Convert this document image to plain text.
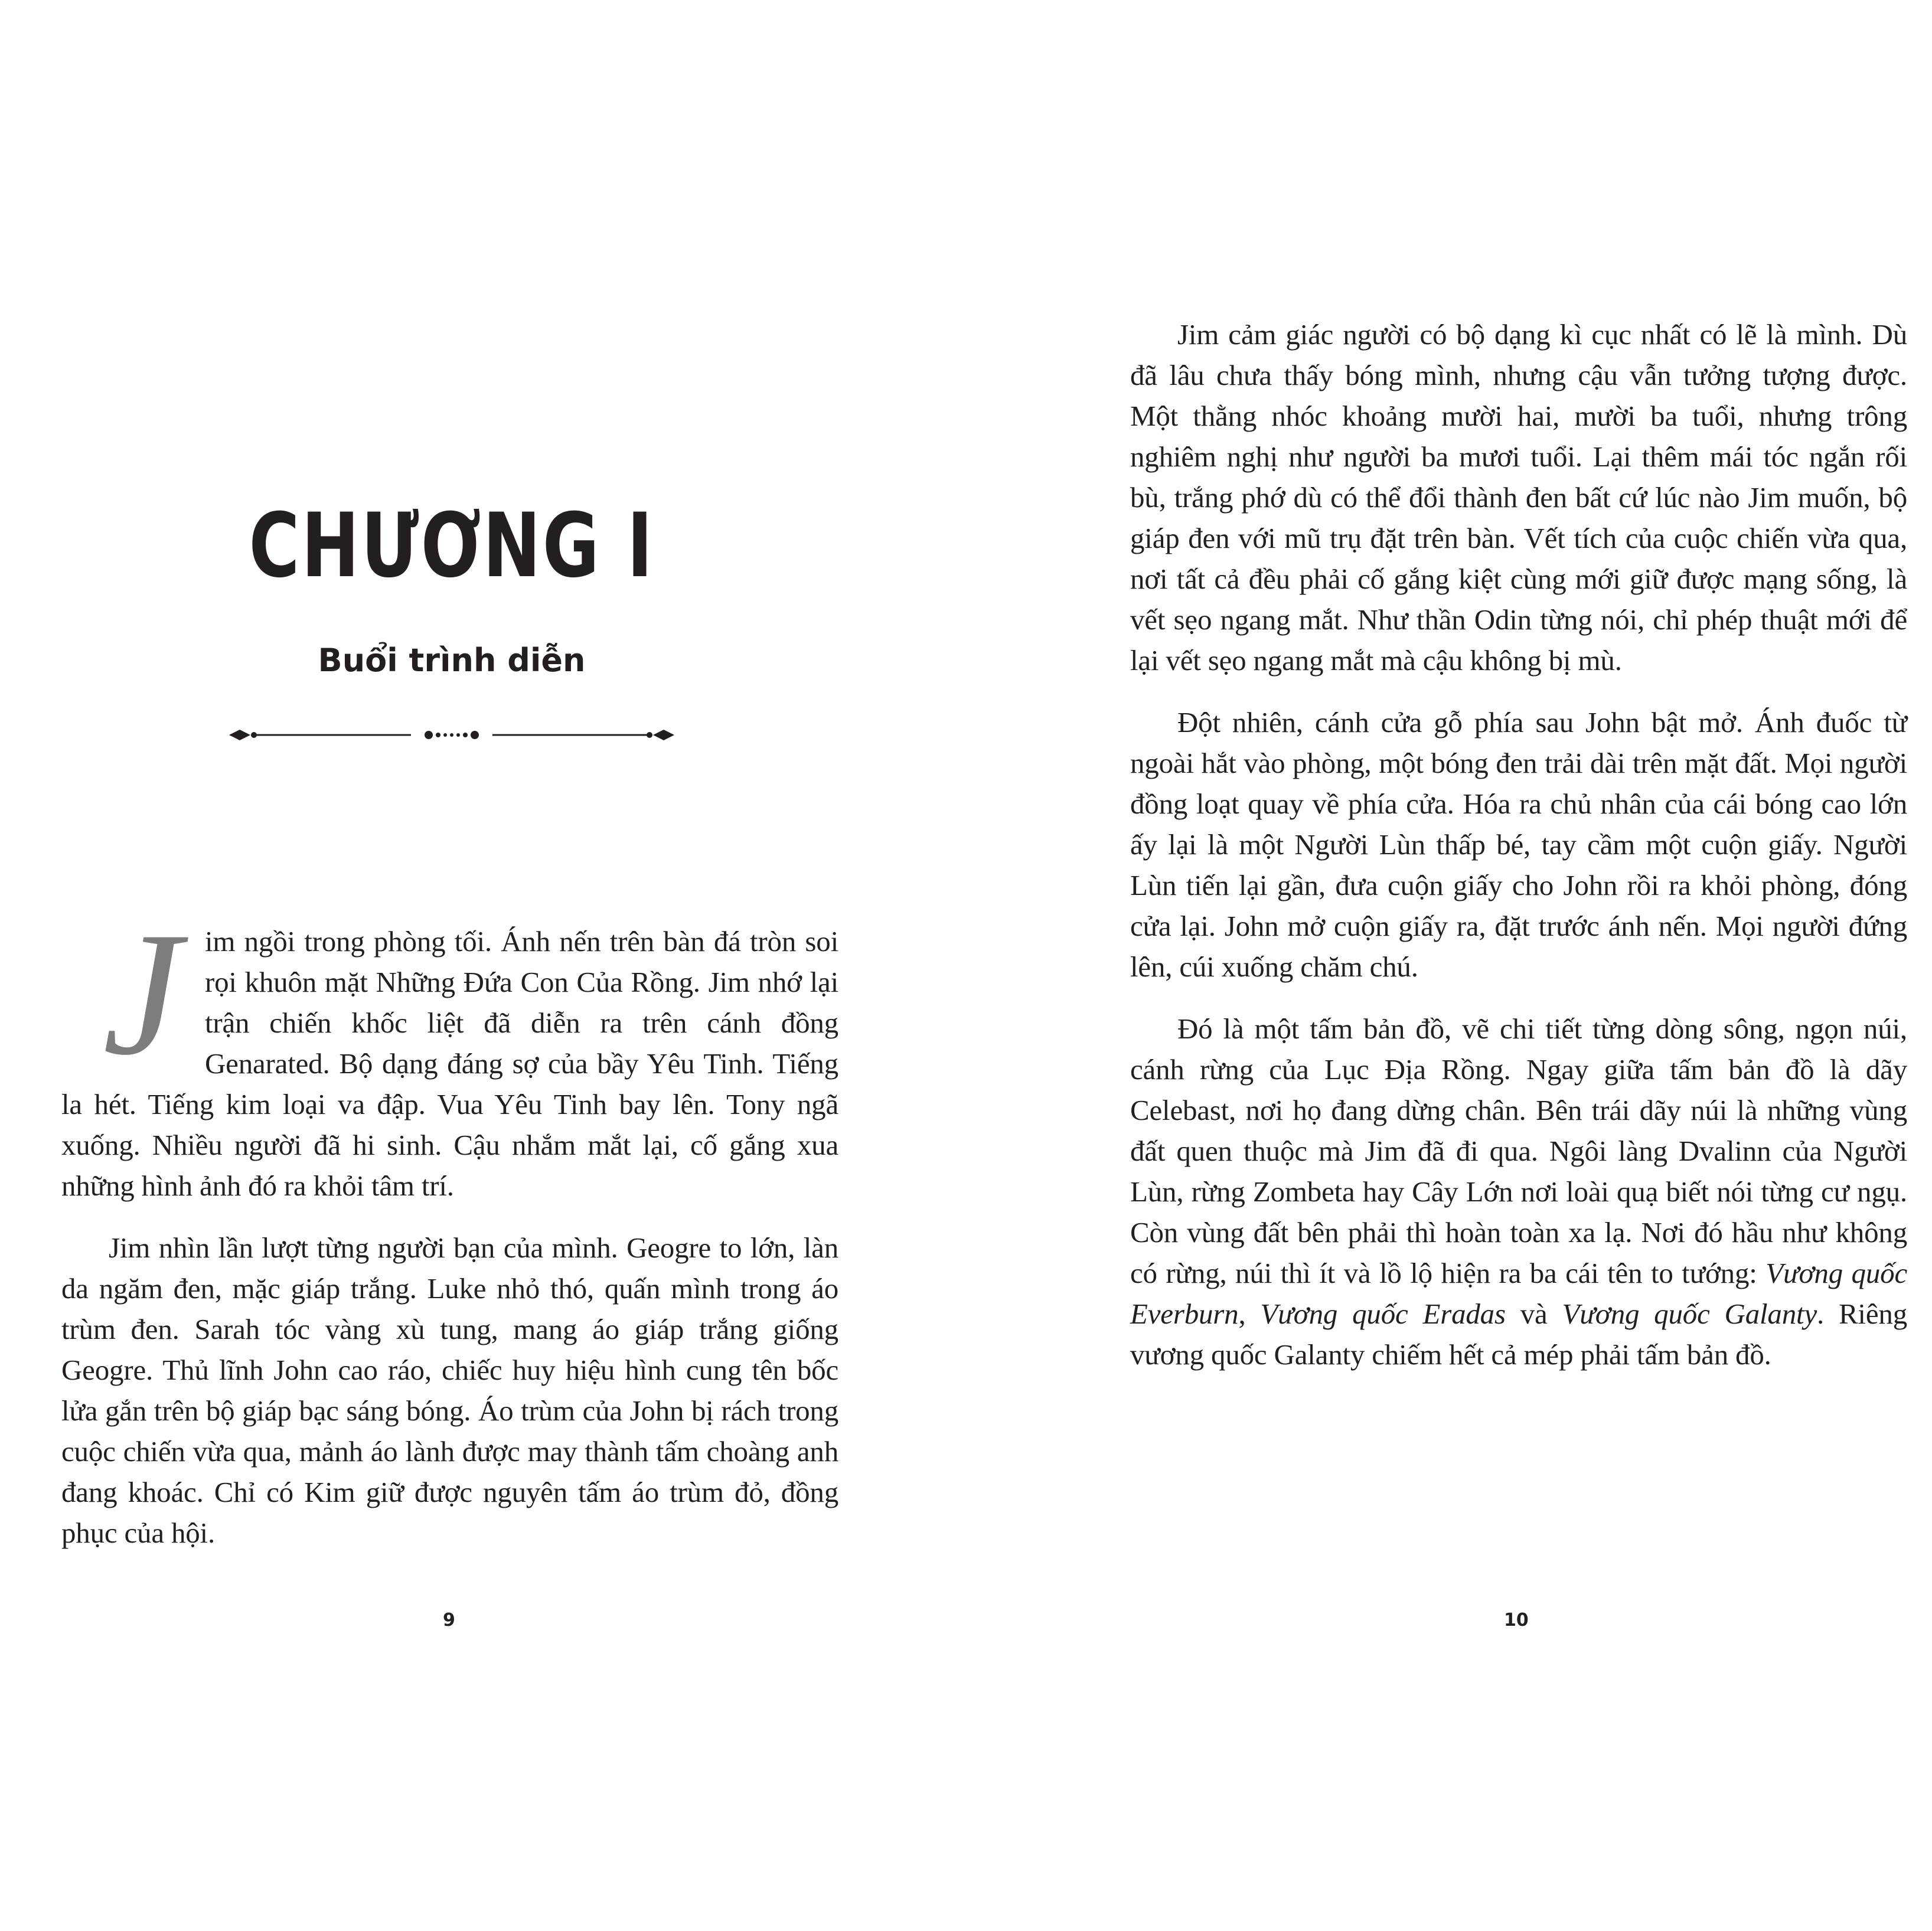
CHƯƠNG I
Buổi trình diễn

Jim ngồi trong phòng tối. Ánh nến trên bàn đá tròn soi rọi khuôn mặt Những Đứa Con Của Rồng. Jim nhớ lại trận chiến khốc liệt đã diễn ra trên cánh đồng Genarated. Bộ dạng đáng sợ của bầy Yêu Tinh. Tiếng la hét. Tiếng kim loại va đập. Vua Yêu Tinh bay lên. Tony ngã xuống. Nhiều người đã hi sinh. Cậu nhắm mắt lại, cố gắng xua những hình ảnh đó ra khỏi tâm trí.

Jim nhìn lần lượt từng người bạn của mình. Geogre to lớn, làn da ngăm đen, mặc giáp trắng. Luke nhỏ thó, quấn mình trong áo trùm đen. Sarah tóc vàng xù tung, mang áo giáp trắng giống Geogre. Thủ lĩnh John cao ráo, chiếc huy hiệu hình cung tên bốc lửa gắn trên bộ giáp bạc sáng bóng. Áo trùm của John bị rách trong cuộc chiến vừa qua, mảnh áo lành được may thành tấm choàng anh đang khoác. Chỉ có Kim giữ được nguyên tấm áo trùm đỏ, đồng phục của hội.

9

Jim cảm giác người có bộ dạng kì cục nhất có lẽ là mình. Dù đã lâu chưa thấy bóng mình, nhưng cậu vẫn tưởng tượng được. Một thằng nhóc khoảng mười hai, mười ba tuổi, nhưng trông nghiêm nghị như người ba mươi tuổi. Lại thêm mái tóc ngắn rối bù, trắng phớ dù có thể đổi thành đen bất cứ lúc nào Jim muốn, bộ giáp đen với mũ trụ đặt trên bàn. Vết tích của cuộc chiến vừa qua, nơi tất cả đều phải cố gắng kiệt cùng mới giữ được mạng sống, là vết sẹo ngang mắt. Như thần Odin từng nói, chỉ phép thuật mới để lại vết sẹo ngang mắt mà cậu không bị mù.

Đột nhiên, cánh cửa gỗ phía sau John bật mở. Ánh đuốc từ ngoài hắt vào phòng, một bóng đen trải dài trên mặt đất. Mọi người đồng loạt quay về phía cửa. Hóa ra chủ nhân của cái bóng cao lớn ấy lại là một Người Lùn thấp bé, tay cầm một cuộn giấy. Người Lùn tiến lại gần, đưa cuộn giấy cho John rồi ra khỏi phòng, đóng cửa lại. John mở cuộn giấy ra, đặt trước ánh nến. Mọi người đứng lên, cúi xuống chăm chú.

Đó là một tấm bản đồ, vẽ chi tiết từng dòng sông, ngọn núi, cánh rừng của Lục Địa Rồng. Ngay giữa tấm bản đồ là dãy Celebast, nơi họ đang dừng chân. Bên trái dãy núi là những vùng đất quen thuộc mà Jim đã đi qua. Ngôi làng Dvalinn của Người Lùn, rừng Zombeta hay Cây Lớn nơi loài quạ biết nói từng cư ngụ. Còn vùng đất bên phải thì hoàn toàn xa lạ. Nơi đó hầu như không có rừng, núi thì ít và lồ lộ hiện ra ba cái tên to tướng: Vương quốc Everburn, Vương quốc Eradas và Vương quốc Galanty. Riêng vương quốc Galanty chiếm hết cả mép phải tấm bản đồ.

10
